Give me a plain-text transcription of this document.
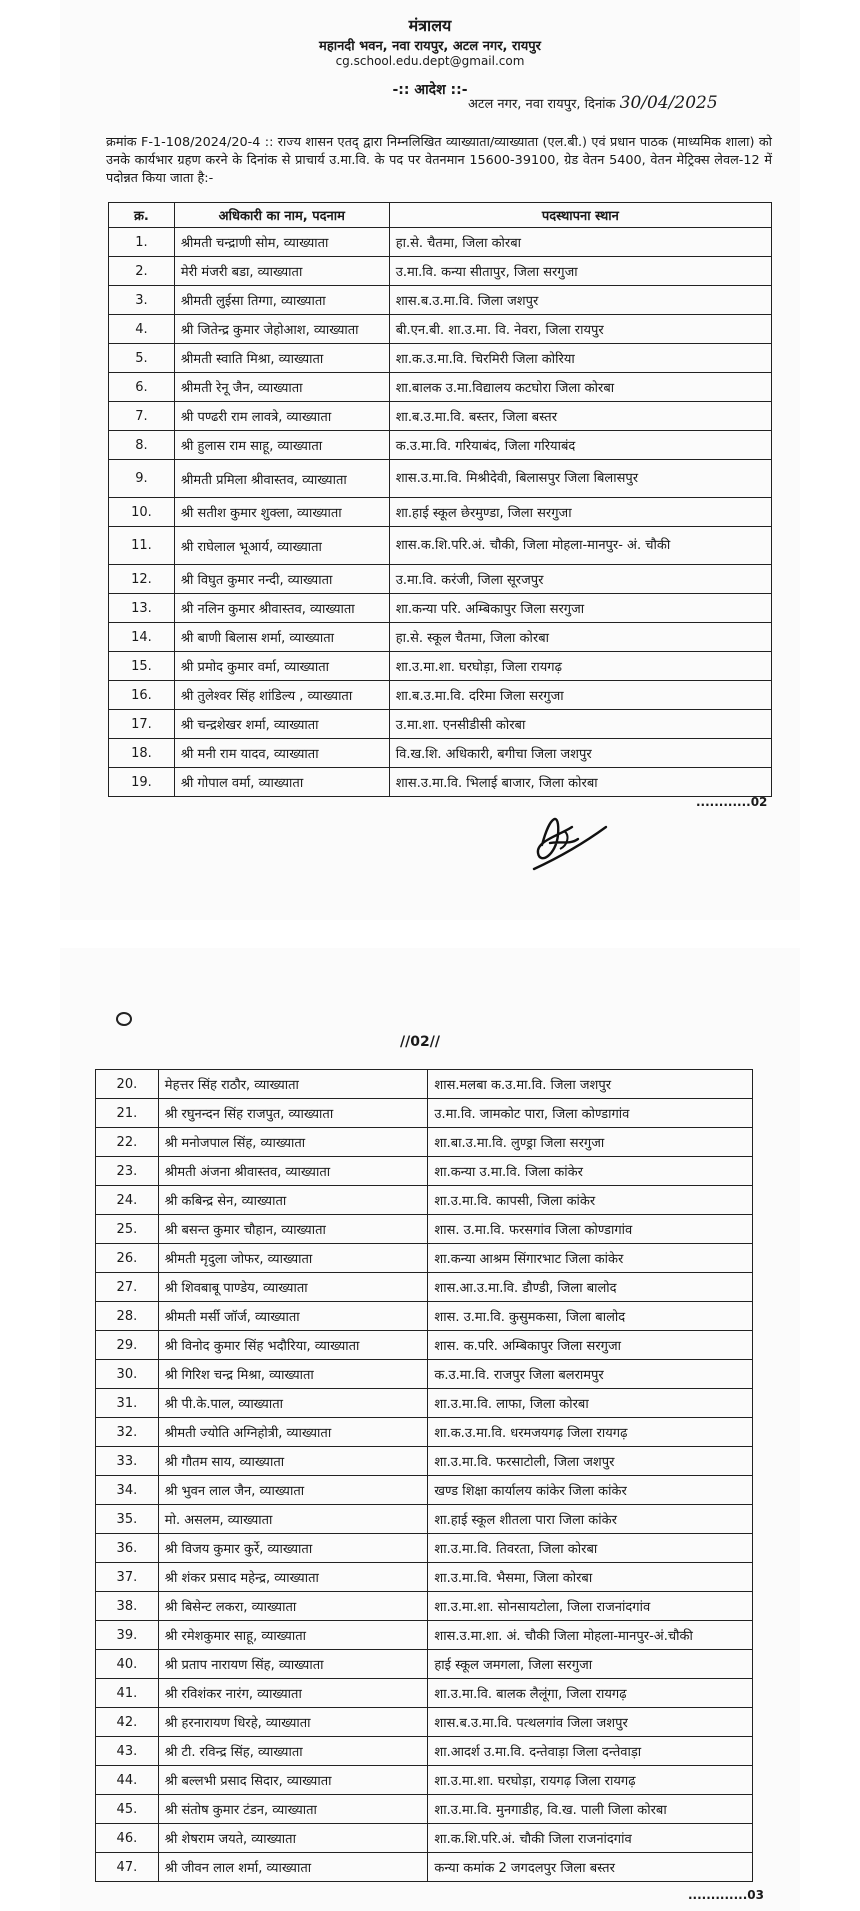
मंत्रालय
महानदी भवन, नवा रायपुर, अटल नगर, रायपुर
cg.school.edu.dept@gmail.com
-:: आदेश ::-
अटल नगर, नवा रायपुर, दिनांक 30/04/2025
क्रमांक F-1-108/2024/20-4 :: राज्य शासन एतद् द्वारा निम्नलिखित व्याख्याता/व्याख्याता (एल.बी.) एवं प्रधान पाठक (माध्यमिक शाला) को उनके कार्यभार ग्रहण करने के दिनांक से प्राचार्य उ.मा.वि. के पद पर वेतनमान 15600-39100, ग्रेड वेतन 5400, वेतन मेट्रिक्स लेवल-12 में पदोन्नत किया जाता है:-
क्र.	अधिकारी का नाम, पदनाम	पदस्थापना स्थान
1.	श्रीमती चन्द्राणी सोम, व्याख्याता	हा.से. चैतमा, जिला कोरबा
2.	मेरी मंजरी बडा, व्याख्याता	उ.मा.वि. कन्या सीतापुर, जिला सरगुजा
3.	श्रीमती लुईसा तिग्गा, व्याख्याता	शास.ब.उ.मा.वि. जिला जशपुर
4.	श्री जितेन्द्र कुमार जेहोआश, व्याख्याता	बी.एन.बी. शा.उ.मा. वि. नेवरा, जिला रायपुर
5.	श्रीमती स्वाति मिश्रा, व्याख्याता	शा.क.उ.मा.वि. चिरमिरी जिला कोरिया
6.	श्रीमती रेनू जैन, व्याख्याता	शा.बालक उ.मा.विद्यालय कटघोरा जिला कोरबा
7.	श्री पण्ढरी राम लावत्रे, व्याख्याता	शा.ब.उ.मा.वि. बस्तर, जिला बस्तर
8.	श्री हुलास राम साहू, व्याख्याता	क.उ.मा.वि. गरियाबंद, जिला गरियाबंद
9.	श्रीमती प्रमिला श्रीवास्तव, व्याख्याता	शास.उ.मा.वि. मिश्रीदेवी, बिलासपुर जिला बिलासपुर
10.	श्री सतीश कुमार शुक्ला, व्याख्याता	शा.हाई स्कूल छेरमुण्डा, जिला सरगुजा
11.	श्री राघेलाल भूआर्य, व्याख्याता	शास.क.शि.परि.अं. चौकी, जिला मोहला-मानपुर- अं. चौकी
12.	श्री विघुत कुमार नन्दी, व्याख्याता	उ.मा.वि. करंजी, जिला सूरजपुर
13.	श्री नलिन कुमार श्रीवास्तव, व्याख्याता	शा.कन्या परि. अम्बिकापुर जिला सरगुजा
14.	श्री बाणी बिलास शर्मा, व्याख्याता	हा.से. स्कूल चैतमा, जिला कोरबा
15.	श्री प्रमोद कुमार वर्मा, व्याख्याता	शा.उ.मा.शा. घरघोड़ा, जिला रायगढ़
16.	श्री तुलेश्वर सिंह शांडिल्य , व्याख्याता	शा.ब.उ.मा.वि. दरिमा जिला सरगुजा
17.	श्री चन्द्रशेखर शर्मा, व्याख्याता	उ.मा.शा. एनसीडीसी कोरबा
18.	श्री मनी राम यादव, व्याख्याता	वि.ख.शि. अधिकारी, बगीचा जिला जशपुर
19.	श्री गोपाल वर्मा, व्याख्याता	शास.उ.मा.वि. भिलाई बाजार, जिला कोरबा
............02
//02//
20.	मेहत्तर सिंह राठौर, व्याख्याता	शास.मलबा क.उ.मा.वि. जिला जशपुर
21.	श्री रघुनन्दन सिंह राजपुत, व्याख्याता	उ.मा.वि. जामकोट पारा, जिला कोण्डागांव
22.	श्री मनोजपाल सिंह, व्याख्याता	शा.बा.उ.मा.वि. लुण्ड्रा जिला सरगुजा
23.	श्रीमती अंजना श्रीवास्तव, व्याख्याता	शा.कन्या उ.मा.वि. जिला कांकेर
24.	श्री कबिन्द्र सेन, व्याख्याता	शा.उ.मा.वि. कापसी, जिला कांकेर
25.	श्री बसन्त कुमार चौहान, व्याख्याता	शास. उ.मा.वि. फरसगांव जिला कोण्डागांव
26.	श्रीमती मृदुला जोफर, व्याख्याता	शा.कन्या आश्रम सिंगारभाट जिला कांकेर
27.	श्री शिवबाबू पाण्डेय, व्याख्याता	शास.आ.उ.मा.वि. डौण्डी, जिला बालोद
28.	श्रीमती मर्सी जॉर्ज, व्याख्याता	शास. उ.मा.वि. कुसुमकसा, जिला बालोद
29.	श्री विनोद कुमार सिंह भदौरिया, व्याख्याता	शास. क.परि. अम्बिकापुर जिला सरगुजा
30.	श्री गिरिश चन्द्र मिश्रा, व्याख्याता	क.उ.मा.वि. राजपुर जिला बलरामपुर
31.	श्री पी.के.पाल, व्याख्याता	शा.उ.मा.वि. लाफा, जिला कोरबा
32.	श्रीमती ज्योति अग्निहोत्री, व्याख्याता	शा.क.उ.मा.वि. धरमजयगढ़ जिला रायगढ़
33.	श्री गौतम साय, व्याख्याता	शा.उ.मा.वि. फरसाटोली, जिला जशपुर
34.	श्री भुवन लाल जैन, व्याख्याता	खण्ड शिक्षा कार्यालय कांकेर जिला कांकेर
35.	मो. असलम, व्याख्याता	शा.हाई स्कूल शीतला पारा जिला कांकेर
36.	श्री विजय कुमार कुर्रे, व्याख्याता	शा.उ.मा.वि. तिवरता, जिला कोरबा
37.	श्री शंकर प्रसाद महेन्द्र, व्याख्याता	शा.उ.मा.वि. भैसमा, जिला कोरबा
38.	श्री बिसेन्ट लकरा, व्याख्याता	शा.उ.मा.शा. सोनसायटोला, जिला राजनांदगांव
39.	श्री रमेशकुमार साहू, व्याख्याता	शास.उ.मा.शा. अं. चौकी जिला मोहला-मानपुर-अं.चौकी
40.	श्री प्रताप नारायण सिंह, व्याख्याता	हाई स्कूल जमगला, जिला सरगुजा
41.	श्री रविशंकर नारंग, व्याख्याता	शा.उ.मा.वि. बालक लैलूंगा, जिला रायगढ़
42.	श्री हरनारायण धिरहे, व्याख्याता	शास.ब.उ.मा.वि. पत्थलगांव जिला जशपुर
43.	श्री टी. रविन्द्र सिंह, व्याख्याता	शा.आदर्श उ.मा.वि. दन्तेवाड़ा जिला दन्तेवाड़ा
44.	श्री बल्लभी प्रसाद सिदार, व्याख्याता	शा.उ.मा.शा. घरघोड़ा, रायगढ़ जिला रायगढ़
45.	श्री संतोष कुमार टंडन, व्याख्याता	शा.उ.मा.वि. मुनगाडीह, वि.ख. पाली जिला कोरबा
46.	श्री शेषराम जयते, व्याख्याता	शा.क.शि.परि.अं. चौकी जिला राजनांदगांव
47.	श्री जीवन लाल शर्मा, व्याख्याता	कन्या कमांक 2 जगदलपुर जिला बस्तर
.............03
